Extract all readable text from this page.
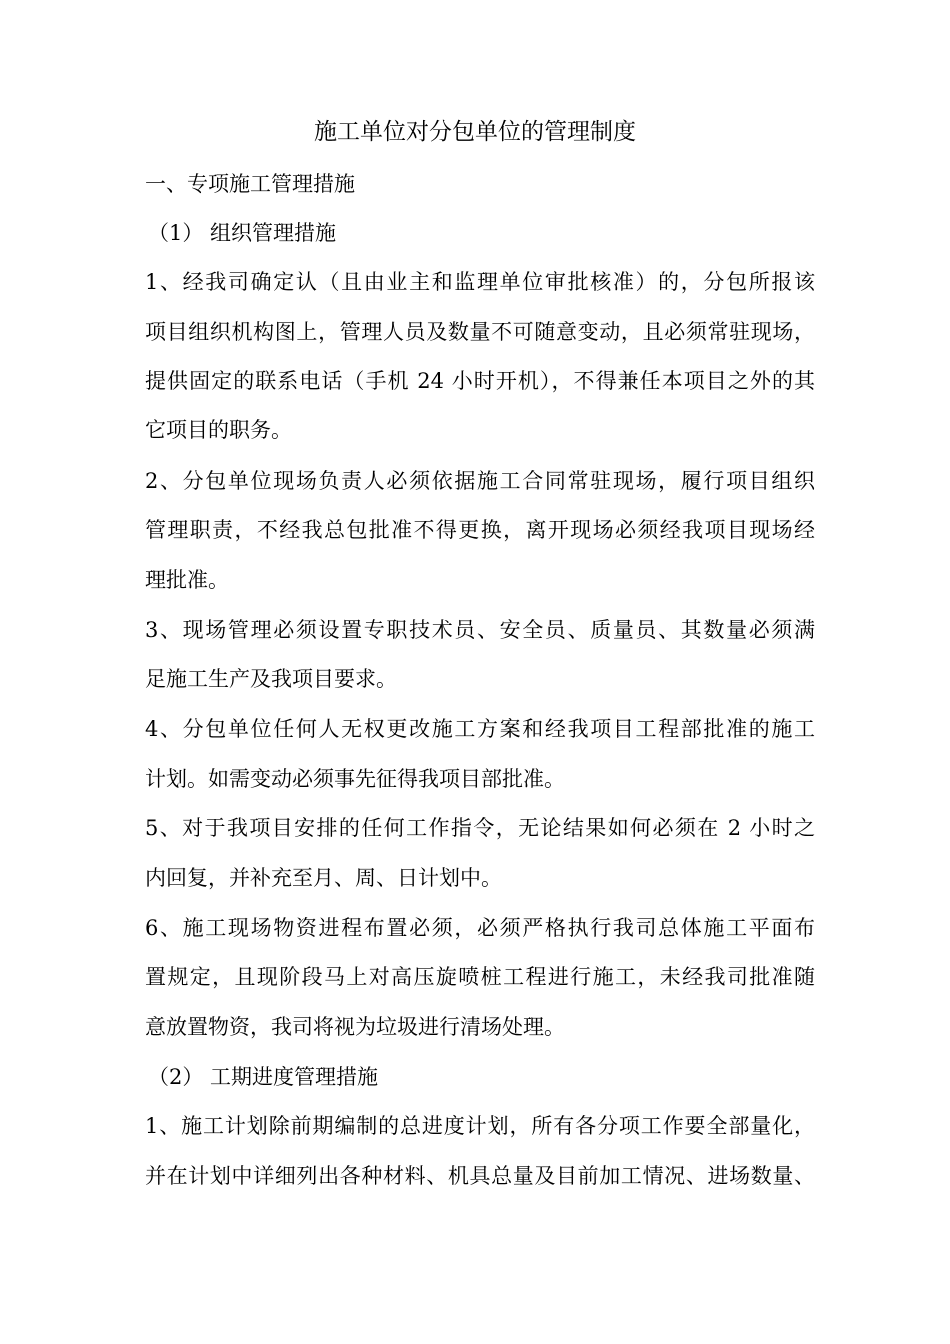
施工单位对分包单位的管理制度
一、专项施工管理措施
（1） 组织管理措施
1、经我司确定认（且由业主和监理单位审批核准）的，分包所报该
项目组织机构图上，管理人员及数量不可随意变动，且必须常驻现场，
提供固定的联系电话（手机 24 小时开机），不得兼任本项目之外的其
它项目的职务。
2、分包单位现场负责人必须依据施工合同常驻现场，履行项目组织
管理职责，不经我总包批准不得更换，离开现场必须经我项目现场经
理批准。
3、现场管理必须设置专职技术员、安全员、质量员、其数量必须满
足施工生产及我项目要求。
4、分包单位任何人无权更改施工方案和经我项目工程部批准的施工
计划。如需变动必须事先征得我项目部批准。
5、对于我项目安排的任何工作指令，无论结果如何必须在 2 小时之
内回复，并补充至月、周、日计划中。
6、施工现场物资进程布置必须，必须严格执行我司总体施工平面布
置规定，且现阶段马上对高压旋喷桩工程进行施工，未经我司批准随
意放置物资，我司将视为垃圾进行清场处理。
（2） 工期进度管理措施
1、施工计划除前期编制的总进度计划，所有各分项工作要全部量化，
并在计划中详细列出各种材料、机具总量及目前加工情况、进场数量、
